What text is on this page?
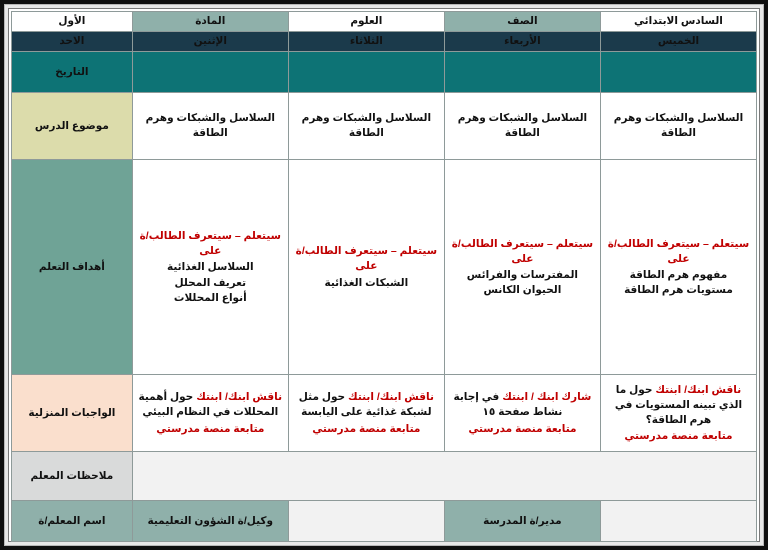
السادس الابتدائي	الصف	العلوم	المادة	الأول
الخميس	الأربعاء	الثلاثاء	الإثنين	الاحد
				التاريخ
السلاسل والشبكات وهرم الطاقة	السلاسل والشبكات وهرم الطاقة	السلاسل والشبكات وهرم الطاقة	السلاسل والشبكات وهرم الطاقة	موضوع الدرس

سيتعلم – سيتعرف الطالب/ة على
مفهوم هرم الطاقة
مستويات هرم الطاقة	سيتعلم – سيتعرف الطالب/ة على
المفترسات والفرائس
الحيوان الكانس	سيتعلم – سيتعرف الطالب/ة على
الشبكات الغذائية	سيتعلم – سيتعرف الطالب/ة على
السلاسل الغذائية
تعريف المحلل
أنواع المحللات	أهداف التعلم
ناقش ابنك/ ابنتك حول ما الذي تبينه المستويات في هرم الطاقة؟
متابعة منصة مدرستي	شارك ابنك / ابنتك في إجابة نشاط صفحة ١٥
متابعة منصة مدرستي	ناقش ابنك/ ابنتك حول مثل لشبكة غذائية على اليابسة
متابعة منصة مدرستي	ناقش ابنك/ ابنتك حول أهمية المحللات في النظام البيئي
متابعة منصة مدرستي	الواجبات المنزلية
				ملاحظات المعلم
	مدير/ة المدرسة		وكيل/ة الشؤون التعليمية	اسم المعلم/ة
